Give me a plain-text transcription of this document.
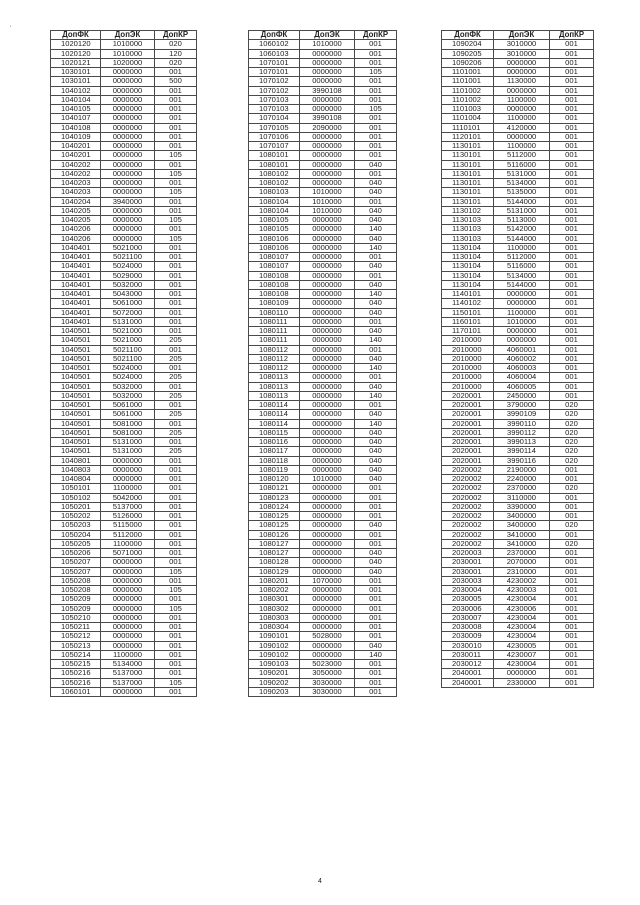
'
ДопФК	ДопЭК	ДопКР
1020120	1010000	020
1020120	1010000	120
1020121	1020000	020
1030101	0000000	001
1030101	0000000	500
1040102	0000000	001
1040104	0000000	001
1040105	0000000	001
1040107	0000000	001
1040108	0000000	001
1040109	0000000	001
1040201	0000000	001
1040201	0000000	105
1040202	0000000	001
1040202	0000000	105
1040203	0000000	001
1040203	0000000	105
1040204	3940000	001
1040205	0000000	001
1040205	0000000	105
1040206	0000000	001
1040206	0000000	105
1040401	5021000	001
1040401	5021100	001
1040401	5024000	001
1040401	5029000	001
1040401	5032000	001
1040401	5043000	001
1040401	5061000	001
1040401	5072000	001
1040401	5131000	001
1040501	5021000	001
1040501	5021000	205
1040501	5021100	001
1040501	5021100	205
1040501	5024000	001
1040501	5024000	205
1040501	5032000	001
1040501	5032000	205
1040501	5061000	001
1040501	5061000	205
1040501	5081000	001
1040501	5081000	205
1040501	5131000	001
1040501	5131000	205
1040801	0000000	001
1040803	0000000	001
1040804	0000000	001
1050101	1100000	001
1050102	5042000	001
1050201	5137000	001
1050202	5126000	001
1050203	5115000	001
1050204	5112000	001
1050205	1100000	001
1050206	5071000	001
1050207	0000000	001
1050207	0000000	105
1050208	0000000	001
1050208	0000000	105
1050209	0000000	001
1050209	0000000	105
1050210	0000000	001
1050211	0000000	001
1050212	0000000	001
1050213	0000000	001
1050214	1100000	001
1050215	5134000	001
1050216	5137000	001
1050216	5137000	105
1060101	0000000	001
ДопФК	ДопЭК	ДопКР
1060102	1010000	001
1060103	0000000	001
1070101	0000000	001
1070101	0000000	105
1070102	0000000	001
1070102	3990108	001
1070103	0000000	001
1070103	0000000	105
1070104	3990108	001
1070105	2090000	001
1070106	0000000	001
1070107	0000000	001
1080101	0000000	001
1080101	0000000	040
1080102	0000000	001
1080102	0000000	040
1080103	1010000	040
1080104	1010000	001
1080104	1010000	040
1080105	0000000	040
1080105	0000000	140
1080106	0000000	040
1080106	0000000	140
1080107	0000000	001
1080107	0000000	040
1080108	0000000	001
1080108	0000000	040
1080108	0000000	140
1080109	0000000	040
1080110	0000000	040
1080111	0000000	001
1080111	0000000	040
1080111	0000000	140
1080112	0000000	001
1080112	0000000	040
1080112	0000000	140
1080113	0000000	001
1080113	0000000	040
1080113	0000000	140
1080114	0000000	001
1080114	0000000	040
1080114	0000000	140
1080115	0000000	040
1080116	0000000	040
1080117	0000000	040
1080118	0000000	040
1080119	0000000	040
1080120	1010000	040
1080121	0000000	001
1080123	0000000	001
1080124	0000000	001
1080125	0000000	001
1080125	0000000	040
1080126	0000000	001
1080127	0000000	001
1080127	0000000	040
1080128	0000000	040
1080129	0000000	040
1080201	1070000	001
1080202	0000000	001
1080301	0000000	001
1080302	0000000	001
1080303	0000000	001
1080304	0000000	001
1090101	5028000	001
1090102	0000000	040
1090102	0000000	140
1090103	5023000	001
1090201	3050000	001
1090202	3030000	001
1090203	3030000	001
ДопФК	ДопЭК	ДопКР
1090204	3010000	001
1090205	3010000	001
1090206	0000000	001
1101001	0000000	001
1101001	1130000	001
1101002	0000000	001
1101002	1100000	001
1101003	0000000	001
1101004	1100000	001
1110101	4120000	001
1120101	0000000	001
1130101	1100000	001
1130101	5112000	001
1130101	5116000	001
1130101	5131000	001
1130101	5134000	001
1130101	5135000	001
1130101	5144000	001
1130102	5131000	001
1130103	5113000	001
1130103	5142000	001
1130103	5144000	001
1130104	1100000	001
1130104	5112000	001
1130104	5116000	001
1130104	5134000	001
1130104	5144000	001
1140101	0000000	001
1140102	0000000	001
1150101	1100000	001
1160101	1010000	001
1170101	0000000	001
2010000	0000000	001
2010000	4060001	001
2010000	4060002	001
2010000	4060003	001
2010000	4060004	001
2010000	4060005	001
2020001	2450000	001
2020001	3790000	020
2020001	3990109	020
2020001	3990110	020
2020001	3990112	020
2020001	3990113	020
2020001	3990114	020
2020001	3990116	020
2020002	2190000	001
2020002	2240000	001
2020002	2370000	020
2020002	3110000	001
2020002	3390000	001
2020002	3400000	001
2020002	3400000	020
2020002	3410000	001
2020002	3410000	020
2020003	2370000	001
2030001	2070000	001
2030001	2310000	001
2030003	4230002	001
2030004	4230003	001
2030005	4230004	001
2030006	4230006	001
2030007	4230004	001
2030008	4230004	001
2030009	4230004	001
2030010	4230005	001
2030011	4230007	001
2030012	4230004	001
2040001	0000000	001
2040001	2330000	001
4
